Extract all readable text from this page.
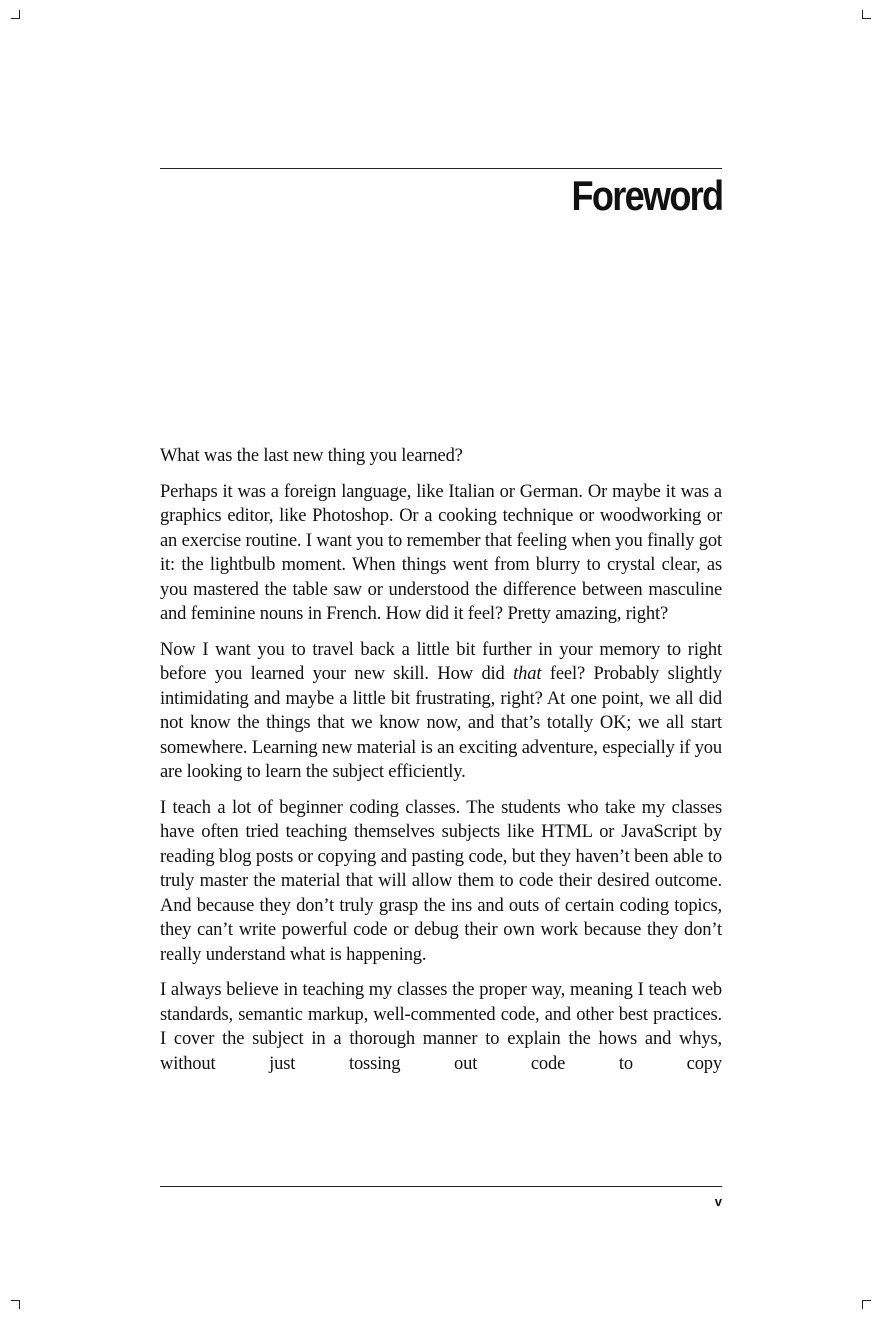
Foreword

What was the last new thing you learned?

Perhaps it was a foreign language, like Italian or German. Or maybe it was a graphics editor, like Photoshop. Or a cooking technique or woodworking or an exercise routine. I want you to remember that feeling when you finally got it: the lightbulb moment. When things went from blurry to crystal clear, as you mastered the table saw or understood the difference between masculine and feminine nouns in French. How did it feel? Pretty amazing, right?

Now I want you to travel back a little bit further in your memory to right before you learned your new skill. How did that feel? Probably slightly intimidating and maybe a little bit frustrating, right? At one point, we all did not know the things that we know now, and that’s totally OK; we all start somewhere. Learning new material is an exciting adventure, especially if you are looking to learn the subject efficiently.

I teach a lot of beginner coding classes. The students who take my classes have often tried teaching themselves subjects like HTML or JavaScript by reading blog posts or copying and pasting code, but they haven’t been able to truly master the material that will allow them to code their desired outcome. And because they don’t truly grasp the ins and outs of certain coding topics, they can’t write powerful code or debug their own work because they don’t really understand what is happening.

I always believe in teaching my classes the proper way, meaning I teach web standards, semantic markup, well-commented code, and other best practices. I cover the subject in a thorough manner to explain the hows and whys, without just tossing out code to copy

v
